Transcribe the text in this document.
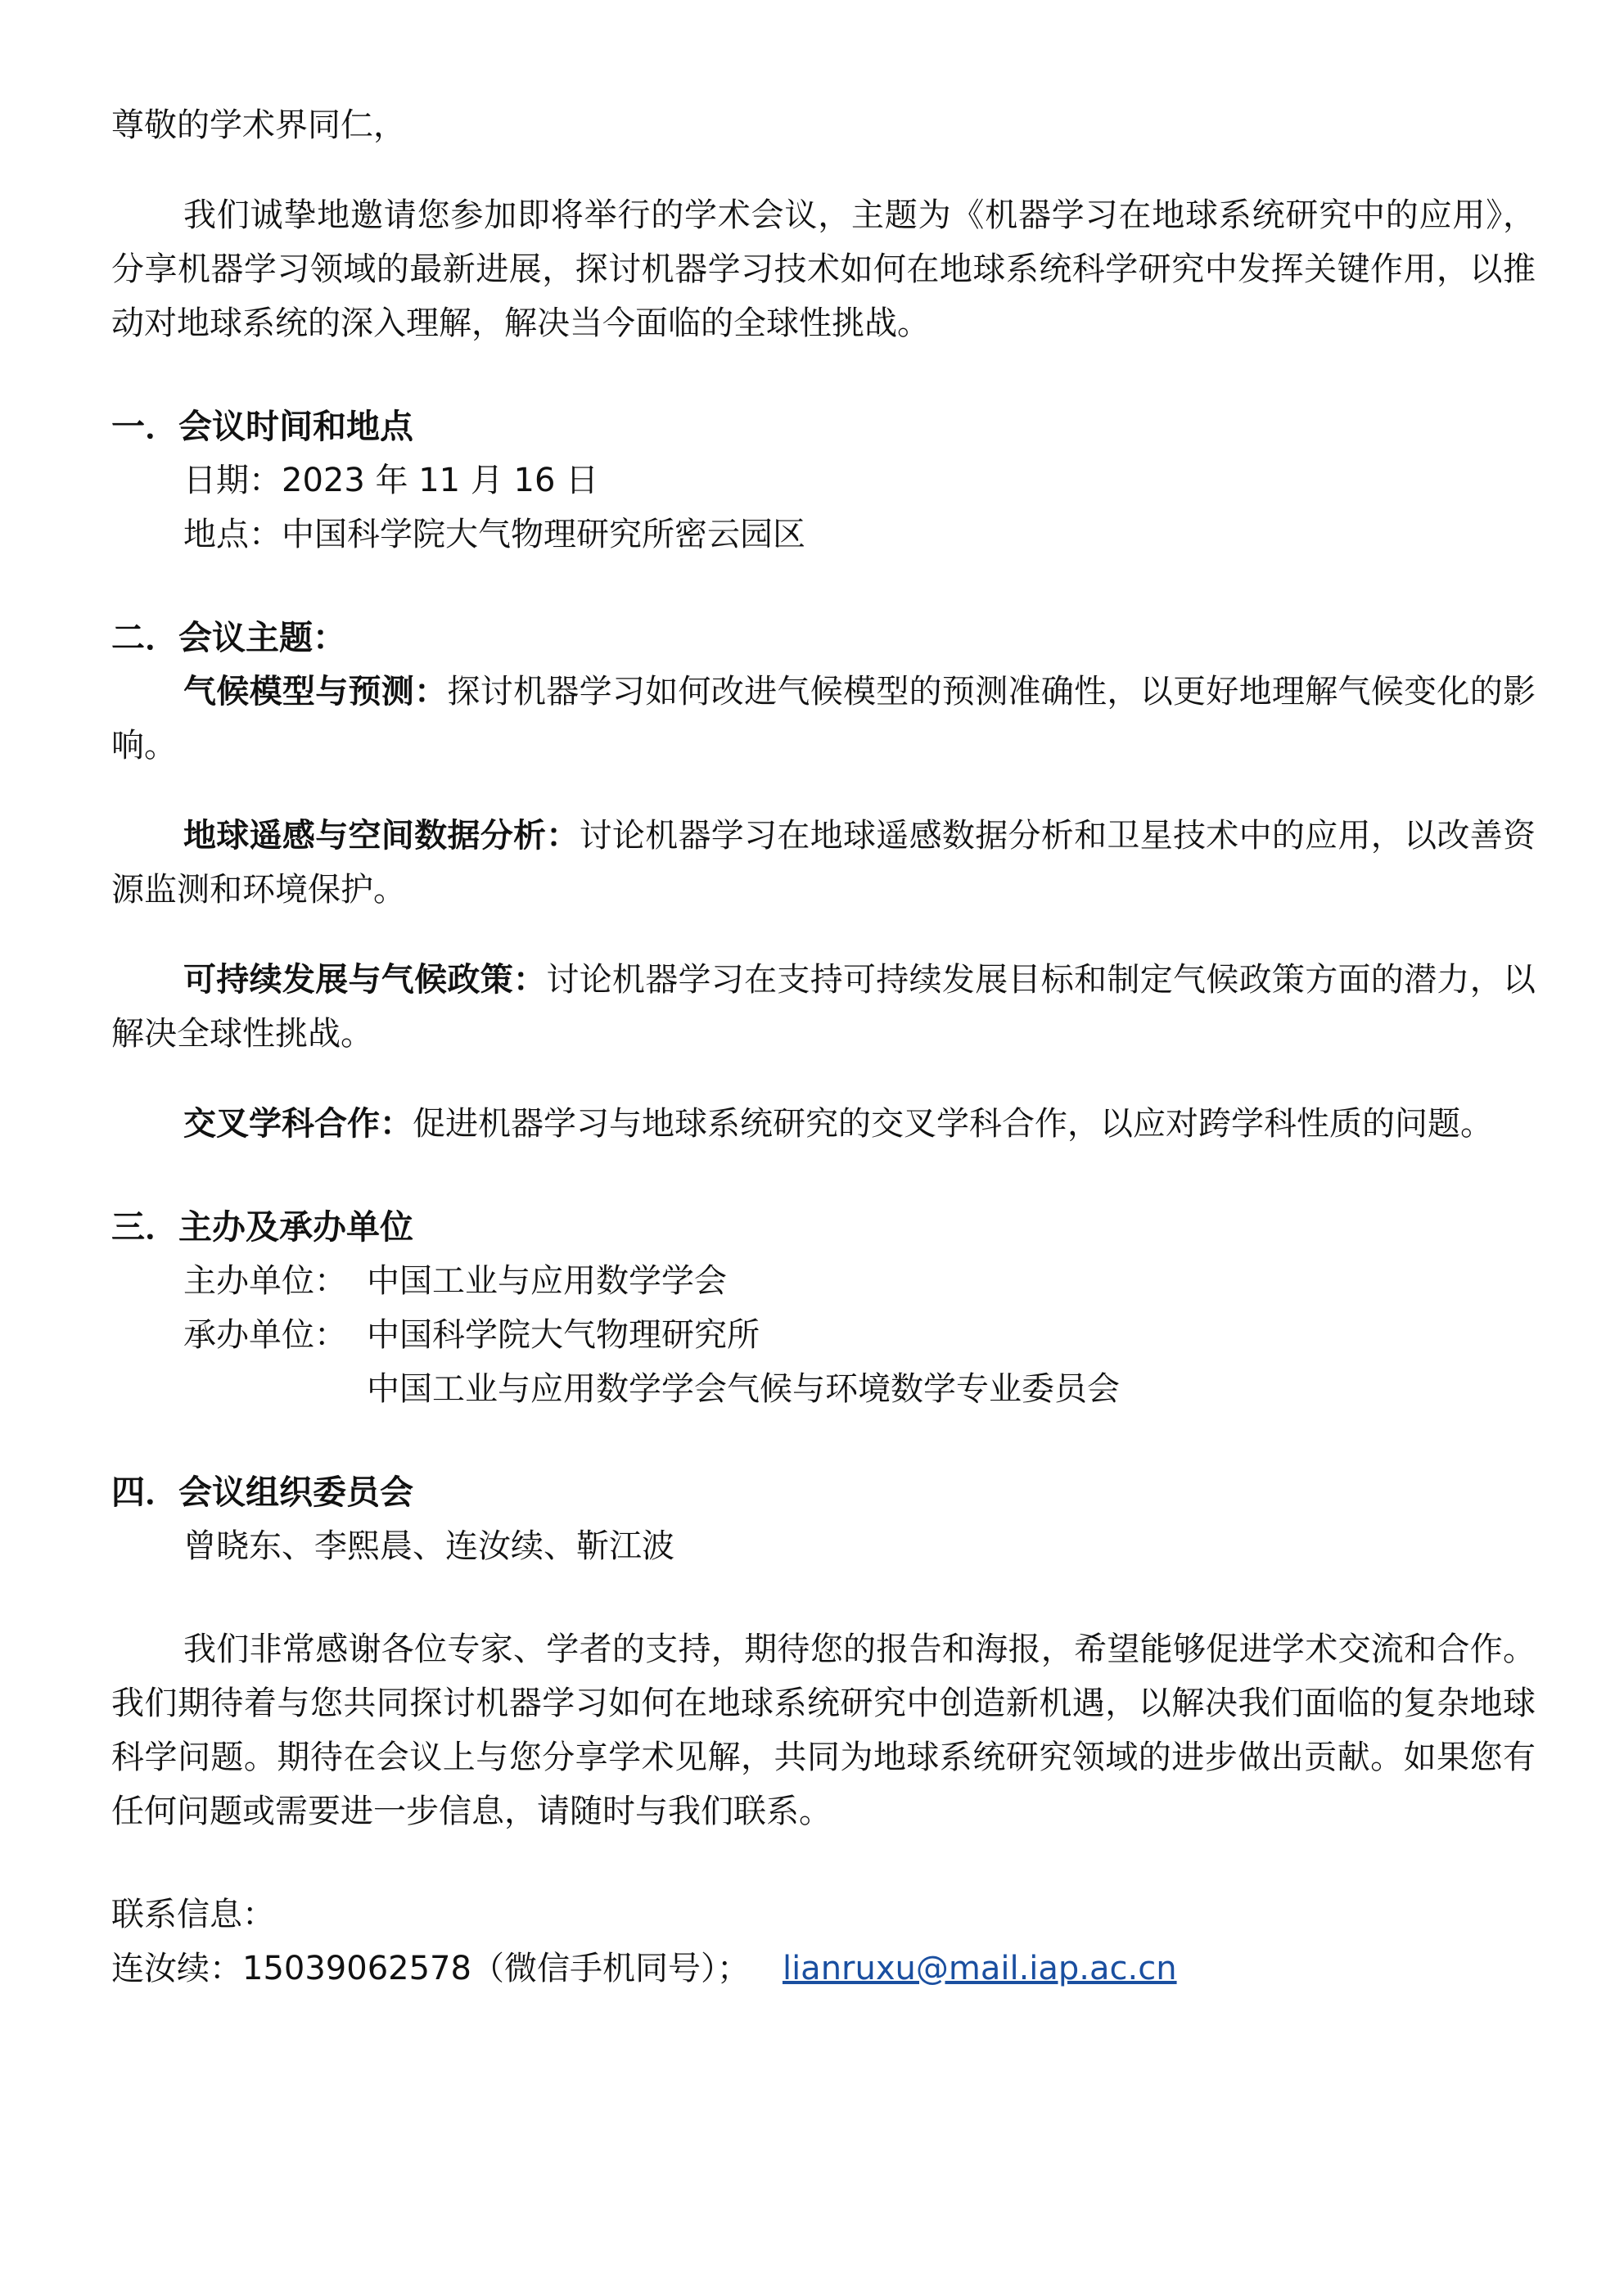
尊敬的学术界同仁，

我们诚挚地邀请您参加即将举行的学术会议，主题为《机器学习在地球系统研究中的应用》，分享机器学习领域的最新进展，探讨机器学习技术如何在地球系统科学研究中发挥关键作用，以推动对地球系统的深入理解，解决当今面临的全球性挑战。

一．会议时间和地点

日期：2023 年 11 月 16 日

地点：中国科学院大气物理研究所密云园区

二．会议主题：

气候模型与预测：探讨机器学习如何改进气候模型的预测准确性，以更好地理解气候变化的影响。

地球遥感与空间数据分析：讨论机器学习在地球遥感数据分析和卫星技术中的应用，以改善资源监测和环境保护。

可持续发展与气候政策：讨论机器学习在支持可持续发展目标和制定气候政策方面的潜力，以解决全球性挑战。

交叉学科合作：促进机器学习与地球系统研究的交叉学科合作，以应对跨学科性质的问题。

三．主办及承办单位

主办单位： 中国工业与应用数学学会
承办单位： 中国科学院大气物理研究所
中国工业与应用数学学会气候与环境数学专业委员会

四．会议组织委员会

曾晓东、李熙晨、连汝续、靳江波

我们非常感谢各位专家、学者的支持，期待您的报告和海报，希望能够促进学术交流和合作。我们期待着与您共同探讨机器学习如何在地球系统研究中创造新机遇，以解决我们面临的复杂地球科学问题。期待在会议上与您分享学术见解，共同为地球系统研究领域的进步做出贡献。如果您有任何问题或需要进一步信息，请随时与我们联系。

联系信息：

连汝续：15039062578（微信手机同号）； lianruxu@mail.iap.ac.cn
